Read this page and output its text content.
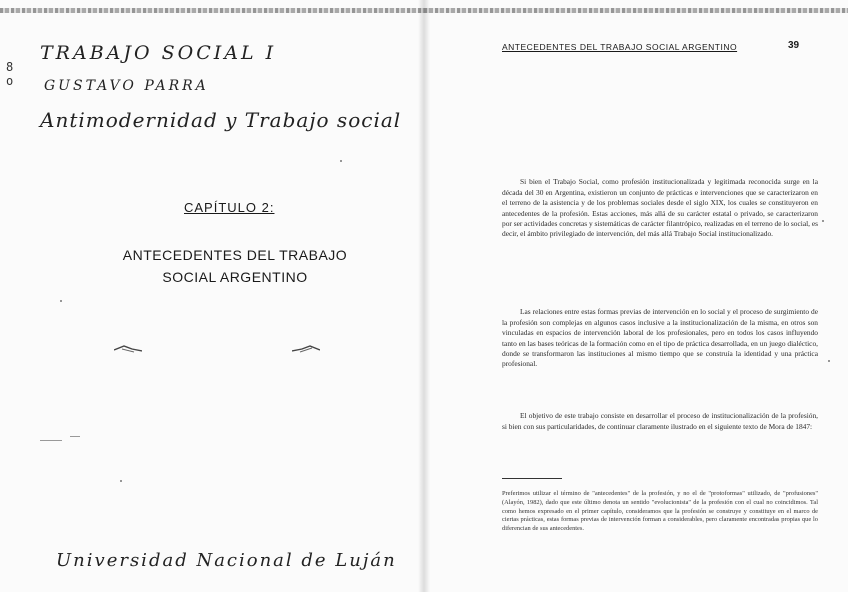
8
o
TRABAJO SOCIAL I
GUSTAVO PARRA
Antimodernidad y Trabajo social
CAPÍTULO 2:
ANTECEDENTES DEL TRABAJO SOCIAL ARGENTINO
Universidad Nacional de Luján
ANTECEDENTES DEL TRABAJO SOCIAL ARGENTINO	39

Si bien el Trabajo Social, como profesión institucionalizada y legitimada reconocida surge en la década del 30 en Argentina, existieron un conjunto de prácticas e intervenciones que se caracterizaron en el terreno de la asistencia y de los problemas sociales desde el siglo XIX, los cuales se constituyeron en antecedentes de la profesión. Estas acciones, más allá de su carácter estatal o privado, se caracterizaron por ser actividades concretas y sistemáticas de carácter filantrópico, realizadas en el terreno de lo social, es decir, el ámbito privilegiado de intervención, del más allá Trabajo Social institucionalizado.

Las relaciones entre estas formas previas de intervención en lo social y el proceso de surgimiento de la profesión son complejas en algunos casos inclusive a la institucionalización de la misma, en otros son vinculadas en espacios de intervención laboral de los profesionales, pero en todos los casos influyendo tanto en las bases teóricas de la formación como en el tipo de práctica desarrollada, en un juego dialéctico, donde se transformaron las instituciones al mismo tiempo que se construía la identidad y una práctica profesional.

El objetivo de este trabajo consiste en desarrollar el proceso de institucionalización de la profesión, si bien con sus particularidades, de continuar claramente ilustrado en el siguiente texto de Mora de 1847:

Preferimos utilizar el término de "antecedentes" de la profesión, y no el de "protoformas" utilizado, de "profusiones" (Alayón, 1982), dado que este último denota un sentido "evolucionista" de la profesión con el cual no coincidimos. Tal como hemos expresado en el primer capítulo, consideramos que la profesión se construye y constituye en el marco de ciertas prácticas, estas formas previas de intervención forman a considerables, pero claramente encontradas propias que lo diferencian de sus antecedentes.
